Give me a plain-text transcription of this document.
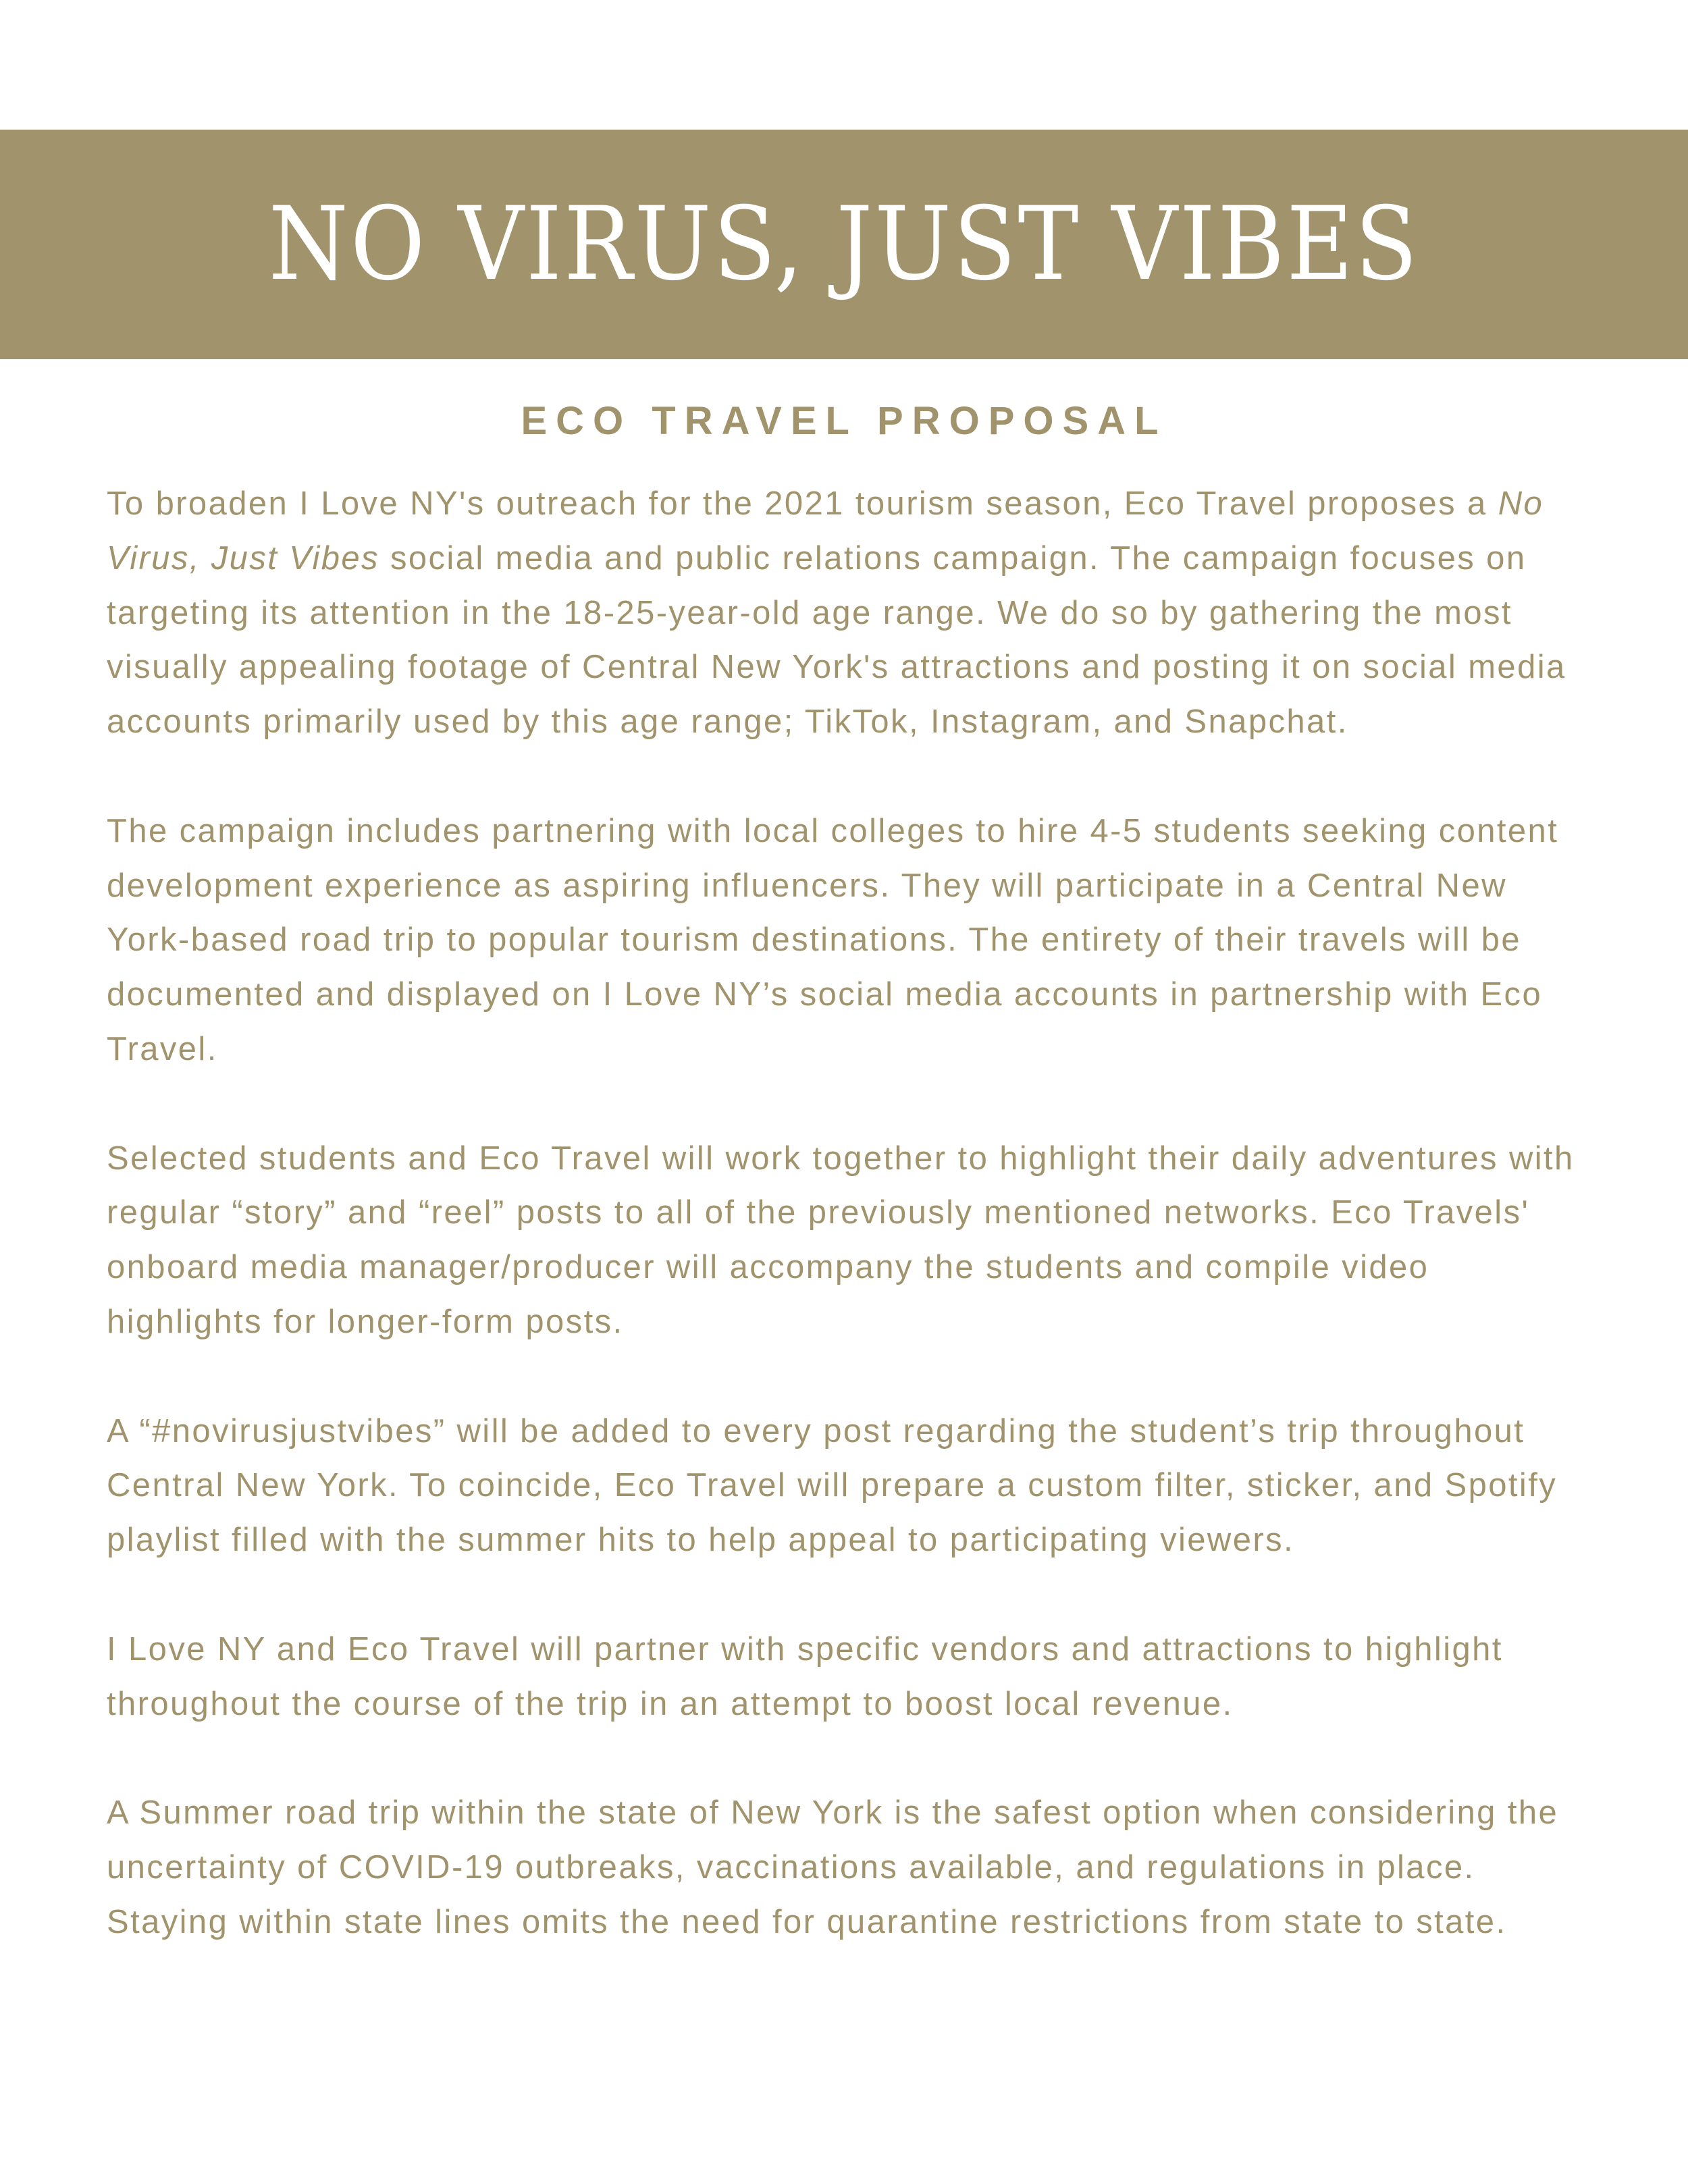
NO VIRUS, JUST VIBES
ECO TRAVEL PROPOSAL

To broaden I Love NY's outreach for the 2021 tourism season, Eco Travel proposes a No Virus, Just Vibes social media and public relations campaign. The campaign focuses on targeting its attention in the 18-25-year-old age range. We do so by gathering the most visually appealing footage of Central New York's attractions and posting it on social media accounts primarily used by this age range; TikTok, Instagram, and Snapchat.

The campaign includes partnering with local colleges to hire 4-5 students seeking content development experience as aspiring influencers. They will participate in a Central New York-based road trip to popular tourism destinations. The entirety of their travels will be documented and displayed on I Love NY’s social media accounts in partnership with Eco Travel.

Selected students and Eco Travel will work together to highlight their daily adventures with regular “story” and “reel” posts to all of the previously mentioned networks. Eco Travels' onboard media manager/producer will accompany the students and compile video highlights for longer-form posts.

A “#novirusjustvibes” will be added to every post regarding the student’s trip throughout Central New York. To coincide, Eco Travel will prepare a custom filter, sticker, and Spotify playlist filled with the summer hits to help appeal to participating viewers.

I Love NY and Eco Travel will partner with specific vendors and attractions to highlight throughout the course of the trip in an attempt to boost local revenue.

A Summer road trip within the state of New York is the safest option when considering the uncertainty of COVID-19 outbreaks, vaccinations available, and regulations in place. Staying within state lines omits the need for quarantine restrictions from state to state.
